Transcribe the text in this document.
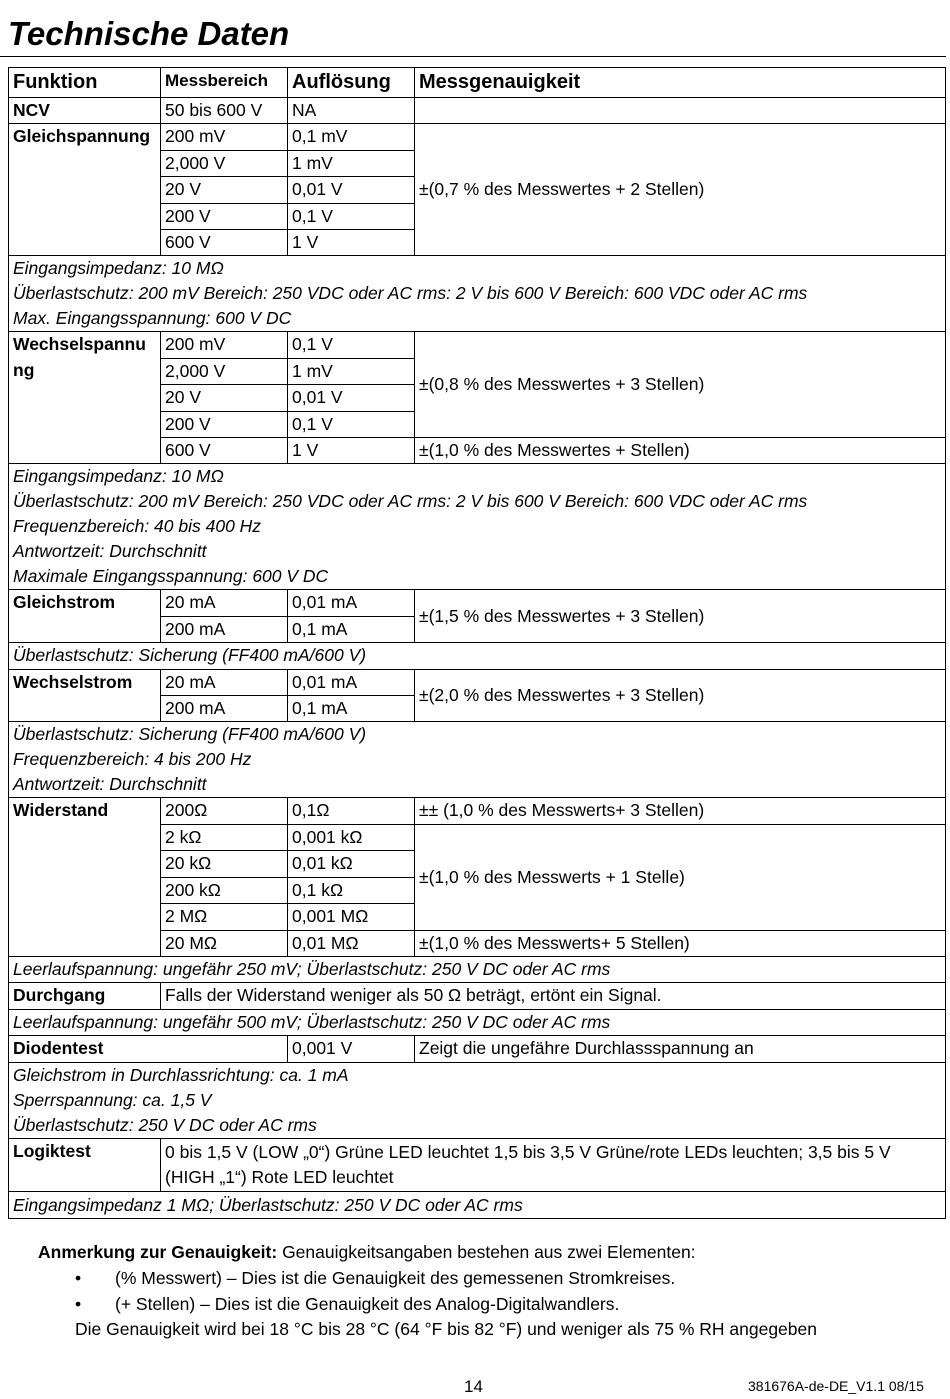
Technische Daten
Funktion	Messbereich	Auflösung	Messgenauigkeit
NCV	50 bis 600 V	NA	
Gleichspannung	200 mV	0,1 mV	±(0,7 % des Messwertes + 2 Stellen)
	2,000 V	1 mV	
	20 V	0,01 V	
	200 V	0,1 V	
	600 V	1 V	

Eingangsimpedanz: 10 MΩ
Überlastschutz: 200 mV Bereich: 250 VDC oder AC rms: 2 V bis 600 V Bereich: 600 VDC oder AC rms
Max. Eingangsspannung: 600 V DC			

Wechselspannu
ng	200 mV	0,1 V	±(0,8 % des Messwertes + 3 Stellen)
	2,000 V	1 mV	
	20 V	0,01 V	
	200 V	0,1 V	
	600 V	1 V	±(1,0 % des Messwertes + Stellen)

Eingangsimpedanz: 10 MΩ
Überlastschutz: 200 mV Bereich: 250 VDC oder AC rms: 2 V bis 600 V Bereich: 600 VDC oder AC rms
Frequenzbereich: 40 bis 400 Hz
Antwortzeit: Durchschnitt
Maximale Eingangsspannung: 600 V DC			

Gleichstrom	20 mA	0,01 mA	±(1,5 % des Messwertes + 3 Stellen)
	200 mA	0,1 mA	

Überlastschutz: Sicherung (FF400 mA/600 V)			

Wechselstrom	20 mA	0,01 mA	±(2,0 % des Messwertes + 3 Stellen)
	200 mA	0,1 mA	

Überlastschutz: Sicherung (FF400 mA/600 V)
Frequenzbereich: 4 bis 200 Hz
Antwortzeit: Durchschnitt			

Widerstand	200Ω	0,1Ω	±± (1,0 % des Messwerts+ 3 Stellen)
	2 kΩ	0,001 kΩ	±(1,0 % des Messwerts + 1 Stelle)
	20 kΩ	0,01 kΩ	
	200 kΩ	0,1 kΩ	
	2 MΩ	0,001 MΩ	
	20 MΩ	0,01 MΩ	±(1,0 % des Messwerts+ 5 Stellen)

Leerlaufspannung: ungefähr 250 mV; Überlastschutz: 250 V DC oder AC rms			

Durchgang	Falls der Widerstand weniger als 50 Ω beträgt, ertönt ein Signal.		

Leerlaufspannung: ungefähr 500 mV; Überlastschutz: 250 V DC oder AC rms			

Diodentest		0,001 V	Zeigt die ungefähre Durchlassspannung an

Gleichstrom in Durchlassrichtung: ca. 1 mA
Sperrspannung: ca. 1,5 V
Überlastschutz: 250 V DC oder AC rms			

Logiktest	0 bis 1,5 V (LOW „0“) Grüne LED leuchtet 1,5 bis 3,5 V Grüne/rote LEDs leuchten; 3,5 bis 5 V (HIGH „1“) Rote LED leuchtet		

Eingangsimpedanz 1 MΩ; Überlastschutz: 250 V DC oder AC rms			
Anmerkung zur Genauigkeit: Genauigkeitsangaben bestehen aus zwei Elementen:
• (% Messwert) – Dies ist die Genauigkeit des gemessenen Stromkreises.
• (+ Stellen) – Dies ist die Genauigkeit des Analog-Digitalwandlers.
Die Genauigkeit wird bei 18 °C bis 28 °C (64 °F bis 82 °F) und weniger als 75 % RH angegeben
14	381676A-de-DE_V1.1 08/15
